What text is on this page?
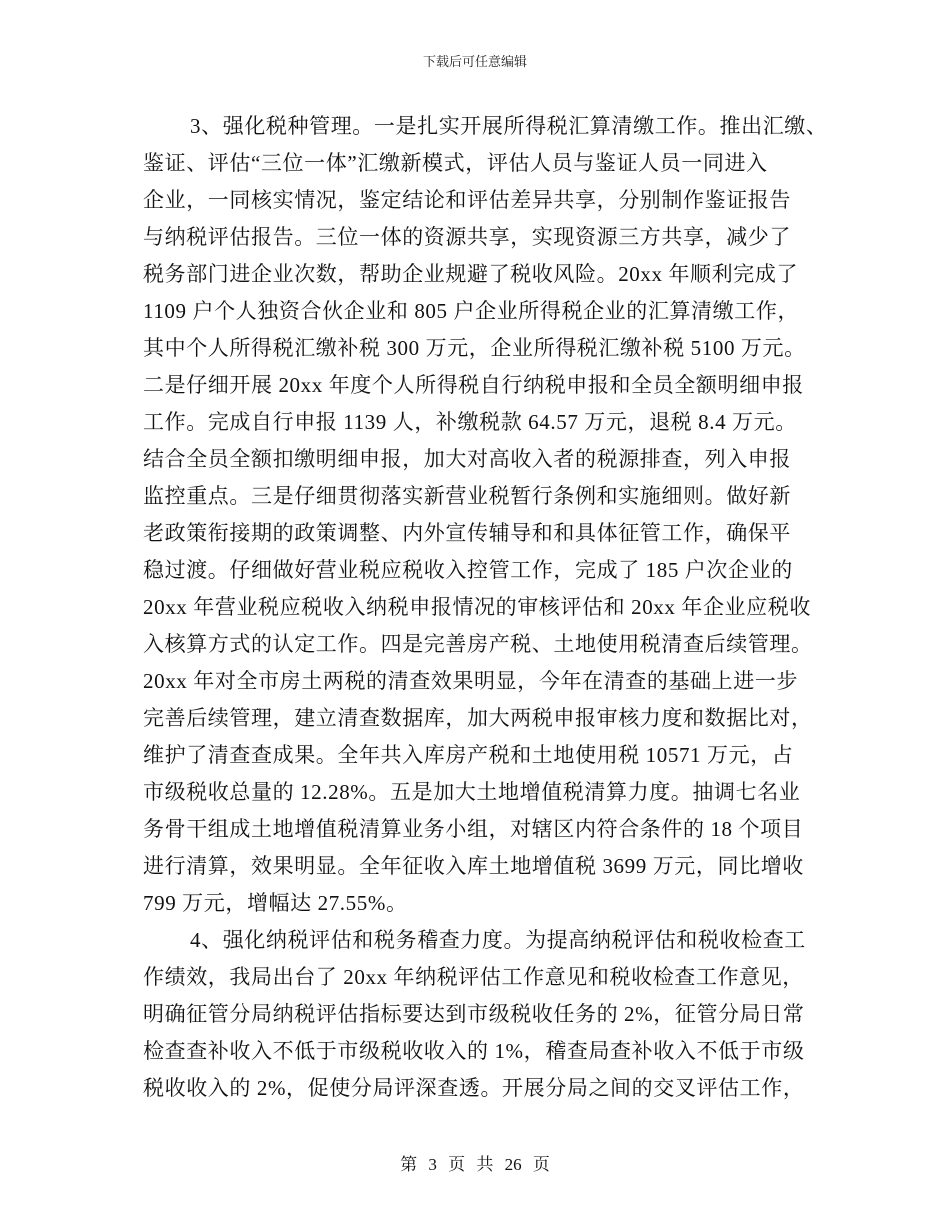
下载后可任意编辑
3、强化税种管理。一是扎实开展所得税汇算清缴工作。推出汇缴、
鉴证、评估“三位一体”汇缴新模式，评估人员与鉴证人员一同进入
企业，一同核实情况，鉴定结论和评估差异共享，分别制作鉴证报告
与纳税评估报告。三位一体的资源共享，实现资源三方共享，减少了
税务部门进企业次数，帮助企业规避了税收风险。20xx 年顺利完成了
1109 户个人独资合伙企业和 805 户企业所得税企业的汇算清缴工作，
其中个人所得税汇缴补税 300 万元，企业所得税汇缴补税 5100 万元。
二是仔细开展 20xx 年度个人所得税自行纳税申报和全员全额明细申报
工作。完成自行申报 1139 人，补缴税款 64.57 万元，退税 8.4 万元。
结合全员全额扣缴明细申报，加大对高收入者的税源排查，列入申报
监控重点。三是仔细贯彻落实新营业税暂行条例和实施细则。做好新
老政策衔接期的政策调整、内外宣传辅导和和具体征管工作，确保平
稳过渡。仔细做好营业税应税收入控管工作，完成了 185 户次企业的
20xx 年营业税应税收入纳税申报情况的审核评估和 20xx 年企业应税收
入核算方式的认定工作。四是完善房产税、土地使用税清查后续管理。
20xx 年对全市房土两税的清查效果明显，今年在清查的基础上进一步
完善后续管理，建立清查数据库，加大两税申报审核力度和数据比对，
维护了清查查成果。全年共入库房产税和土地使用税 10571 万元，占
市级税收总量的 12.28%。五是加大土地增值税清算力度。抽调七名业
务骨干组成土地增值税清算业务小组，对辖区内符合条件的 18 个项目
进行清算，效果明显。全年征收入库土地增值税 3699 万元，同比增收
799 万元，增幅达 27.55%。
4、强化纳税评估和税务稽查力度。为提高纳税评估和税收检查工
作绩效，我局出台了 20xx 年纳税评估工作意见和税收检查工作意见，
明确征管分局纳税评估指标要达到市级税收任务的 2%，征管分局日常
检查查补收入不低于市级税收收入的 1%，稽查局查补收入不低于市级
税收收入的 2%，促使分局评深查透。开展分局之间的交叉评估工作，
第 3 页 共 26 页
